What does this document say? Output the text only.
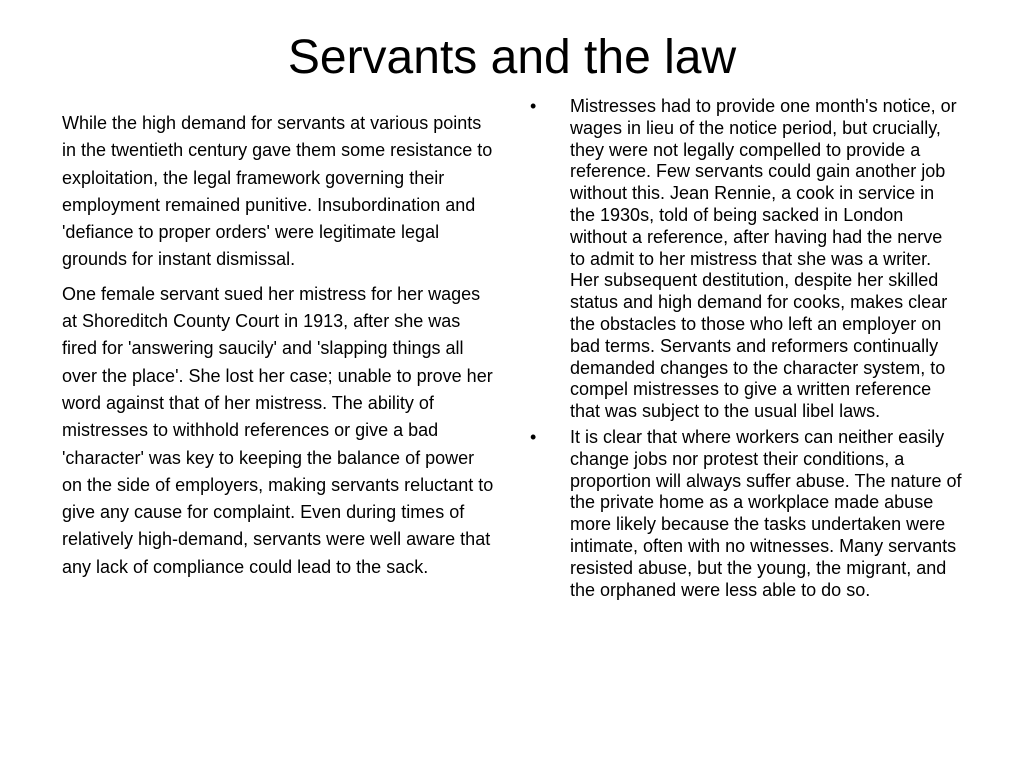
Servants and the law

While the high demand for servants at various points in the twentieth century gave them some resistance to exploitation, the legal framework governing their employment remained punitive. Insubordination and 'defiance to proper orders' were legitimate legal grounds for instant dismissal.

One female servant sued her mistress for her wages at Shoreditch County Court in 1913, after she was fired for 'answering saucily' and 'slapping things all over the place'. She lost her case; unable to prove her word against that of her mistress. The ability of mistresses to withhold references or give a bad 'character' was key to keeping the balance of power on the side of employers, making servants reluctant to give any cause for complaint. Even during times of relatively high-demand, servants were well aware that any lack of compliance could lead to the sack.

•	Mistresses had to provide one month's notice, or wages in lieu of the notice period, but crucially, they were not legally compelled to provide a reference. Few servants could gain another job without this. Jean Rennie, a cook in service in the 1930s, told of being sacked in London without a reference, after having had the nerve to admit to her mistress that she was a writer. Her subsequent destitution, despite her skilled status and high demand for cooks, makes clear the obstacles to those who left an employer on bad terms. Servants and reformers continually demanded changes to the character system, to compel mistresses to give a written reference that was subject to the usual libel laws.
•	It is clear that where workers can neither easily change jobs nor protest their conditions, a proportion will always suffer abuse. The nature of the private home as a workplace made abuse more likely because the tasks undertaken were intimate, often with no witnesses. Many servants resisted abuse, but the young, the migrant, and the orphaned were less able to do so.
